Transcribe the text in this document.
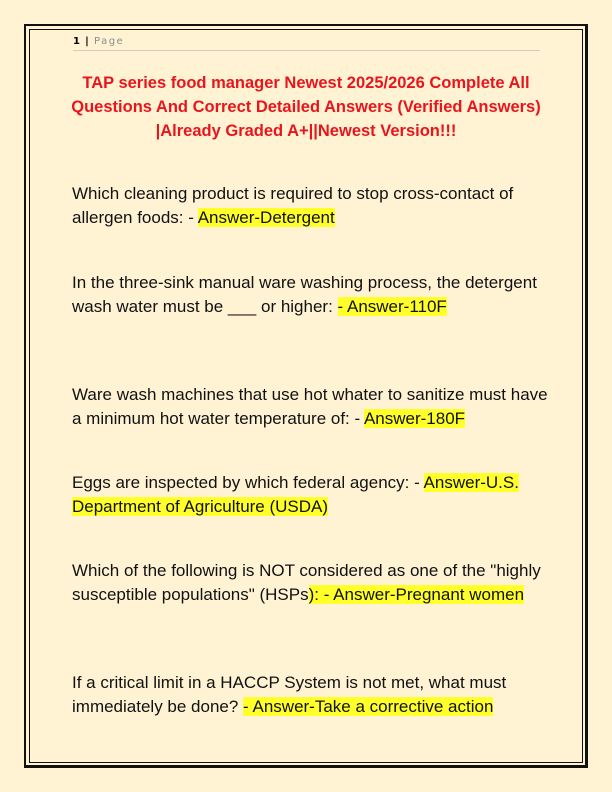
1 | Page
TAP series food manager Newest 2025/2026 Complete All Questions And Correct Detailed Answers (Verified Answers) |Already Graded A+||Newest Version!!!
Which cleaning product is required to stop cross-contact of allergen foods: - Answer-Detergent
In the three-sink manual ware washing process, the detergent wash water must be ___ or higher: - Answer-110F
Ware wash machines that use hot whater to sanitize must have a minimum hot water temperature of: - Answer-180F
Eggs are inspected by which federal agency: - Answer-U.S. Department of Agriculture (USDA)
Which of the following is NOT considered as one of the "highly susceptible populations" (HSPs): - Answer-Pregnant women
If a critical limit in a HACCP System is not met, what must immediately be done? - Answer-Take a corrective action
